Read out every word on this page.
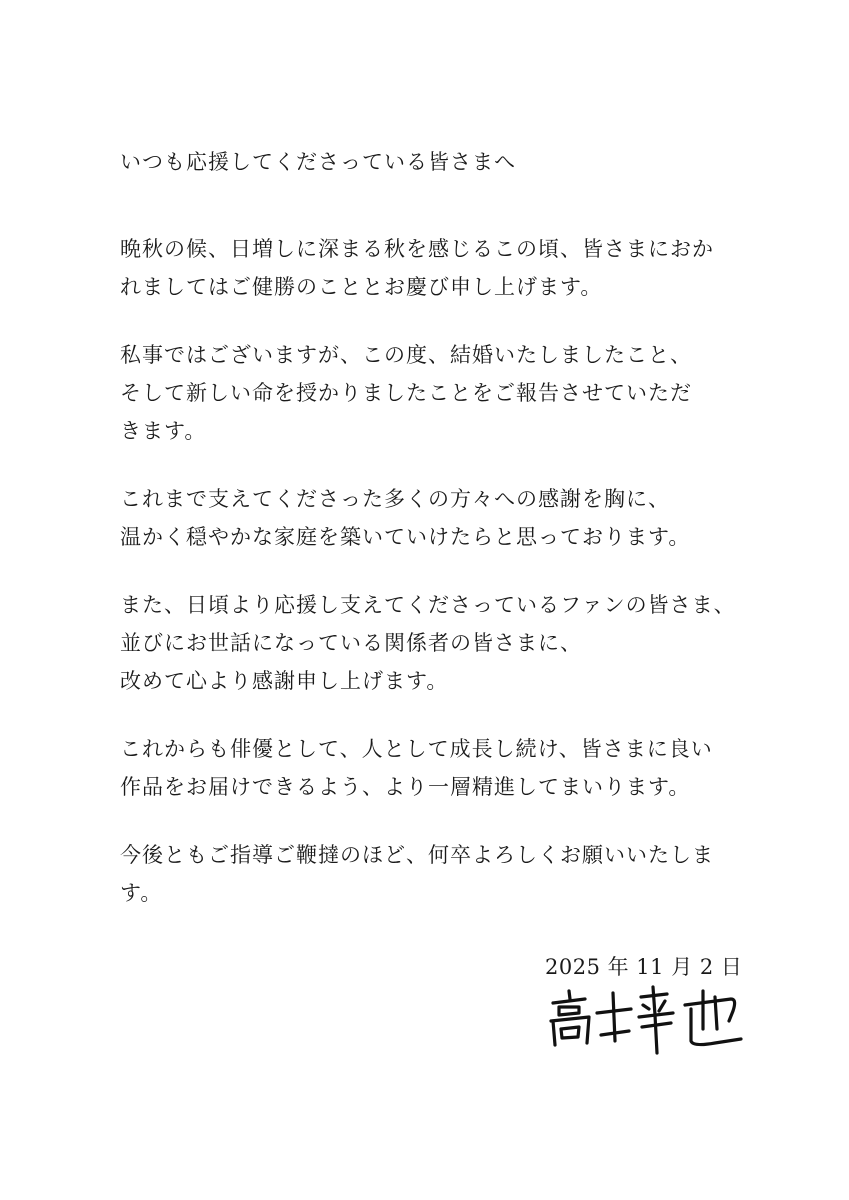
いつも応援してくださっている皆さまへ
晩秋の候、日増しに深まる秋を感じるこの頃、皆さまにおか
れましてはご健勝のこととお慶び申し上げます。
私事ではございますが、この度、結婚いたしましたこと、
そして新しい命を授かりましたことをご報告させていただ
きます。
これまで支えてくださった多くの方々への感謝を胸に、
温かく穏やかな家庭を築いていけたらと思っております。
また、日頃より応援し支えてくださっているファンの皆さま、
並びにお世話になっている関係者の皆さまに、
改めて心より感謝申し上げます。
これからも俳優として、人として成長し続け、皆さまに良い
作品をお届けできるよう、より一層精進してまいります。
今後ともご指導ご鞭撻のほど、何卒よろしくお願いいたしま
す。
2025 年 11 月 2 日
